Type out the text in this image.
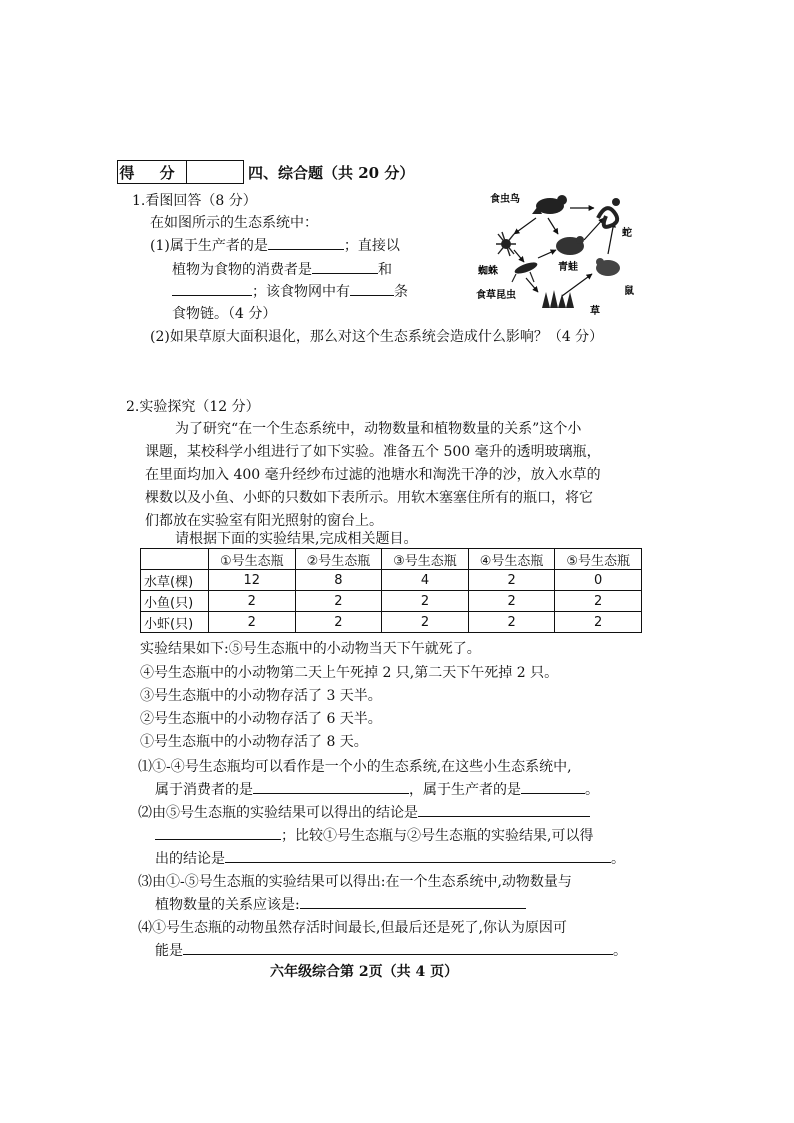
得 分	四、综合题（共 20 分）
1.看图回答（8 分）
在如图所示的生态系统中：
(1)属于生产者的是	；直接以
植物为食物的消费者是	和
；该食物网中有	条
食物链。（4 分）
(2)如果草原大面积退化，那么对这个生态系统会造成什么影响？（4 分）
食虫鸟
蛇
蜘蛛	青蛙
食草昆虫	鼠
草
2.实验探究（12 分）
为了研究“在一个生态系统中，动物数量和植物数量的关系”这个小
课题，某校科学小组进行了如下实验。准备五个 500 毫升的透明玻璃瓶，
在里面均加入 400 毫升经纱布过滤的池塘水和淘洗干净的沙，放入水草的
棵数以及小鱼、小虾的只数如下表所示。用软木塞塞住所有的瓶口，将它
们都放在实验室有阳光照射的窗台上。
请根据下面的实验结果,完成相关题目。
	①号生态瓶	②号生态瓶	③号生态瓶	④号生态瓶	⑤号生态瓶
水草(棵)	12	8	4	2	0
小鱼(只)	2	2	2	2	2
小虾(只)	2	2	2	2	2
实验结果如下:⑤号生态瓶中的小动物当天下午就死了。
④号生态瓶中的小动物第二天上午死掉 2 只,第二天下午死掉 2 只。
③号生态瓶中的小动物存活了 3 天半。
②号生态瓶中的小动物存活了 6 天半。
①号生态瓶中的小动物存活了 8 天。
⑴①-④号生态瓶均可以看作是一个小的生态系统,在这些小生态系统中,
属于消费者的是	，属于生产者的是	。
⑵由⑤号生态瓶的实验结果可以得出的结论是
；比较①号生态瓶与②号生态瓶的实验结果,可以得
出的结论是	。
⑶由①-⑤号生态瓶的实验结果可以得出:在一个生态系统中,动物数量与
植物数量的关系应该是:
⑷①号生态瓶的动物虽然存活时间最长,但最后还是死了,你认为原因可
能是	。
六年级综合第 2页（共 4 页）
